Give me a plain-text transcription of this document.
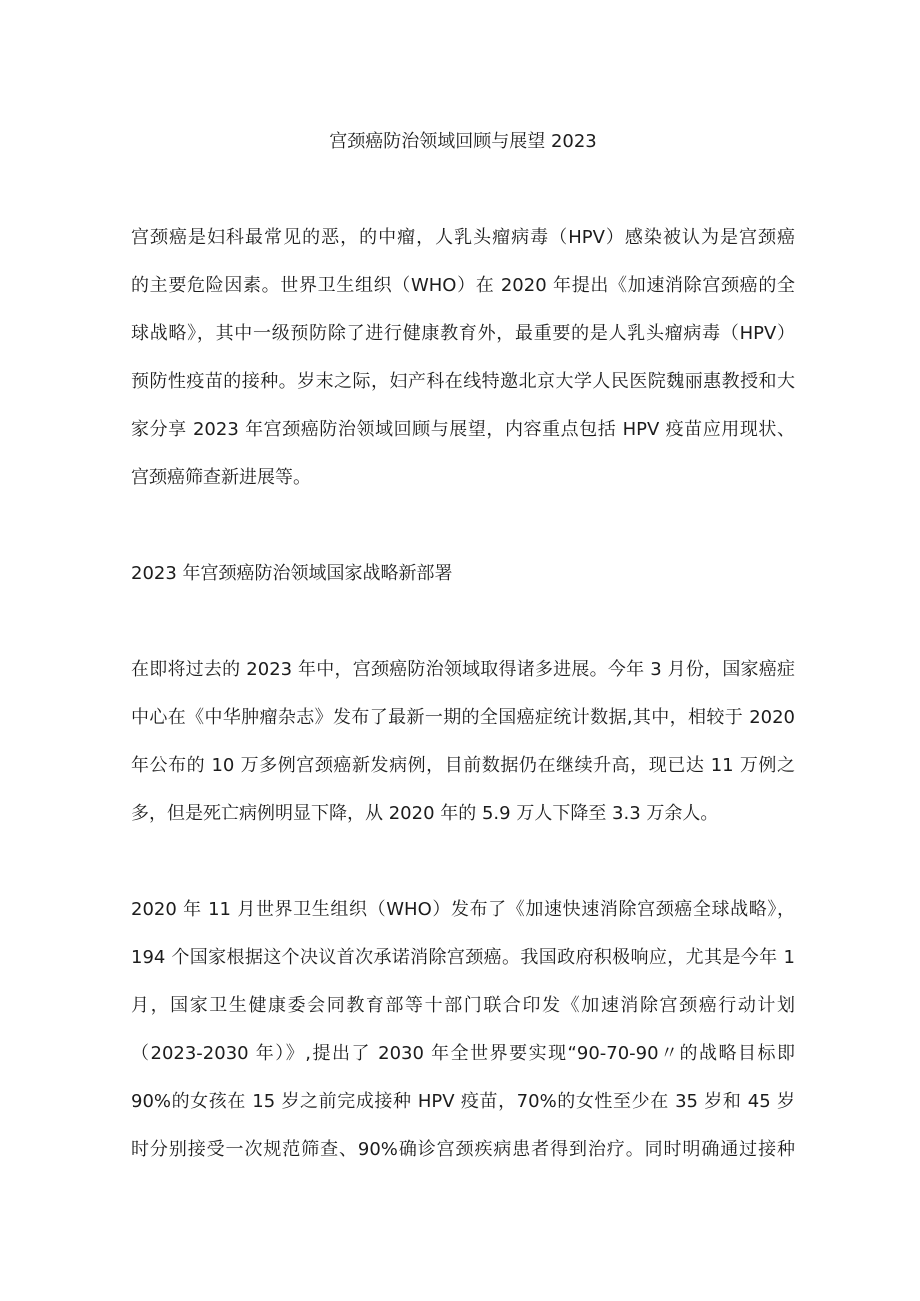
宫颈癌防治领域回顾与展望 2023
宫颈癌是妇科最常见的恶，的中瘤，人乳头瘤病毒（HPV）感染被认为是宫颈癌
的主要危险因素。世界卫生组织（WHO）在 2020 年提出《加速消除宫颈癌的全
球战略》，其中一级预防除了进行健康教育外，最重要的是人乳头瘤病毒（HPV）
预防性疫苗的接种。岁末之际，妇产科在线特邀北京大学人民医院魏丽惠教授和大
家分享 2023 年宫颈癌防治领域回顾与展望，内容重点包括 HPV 疫苗应用现状、
宫颈癌筛查新进展等。
2023 年宫颈癌防治领域国家战略新部署
在即将过去的 2023 年中，宫颈癌防治领域取得诸多进展。今年 3 月份，国家癌症
中心在《中华肿瘤杂志》发布了最新一期的全国癌症统计数据,其中，相较于 2020
年公布的 10 万多例宫颈癌新发病例，目前数据仍在继续升高，现已达 11 万例之
多，但是死亡病例明显下降，从 2020 年的 5.9 万人下降至 3.3 万余人。
2020 年 11 月世界卫生组织（WHO）发布了《加速快速消除宫颈癌全球战略》，
194 个国家根据这个决议首次承诺消除宫颈癌。我国政府积极响应，尤其是今年 1
月，国家卫生健康委会同教育部等十部门联合印发《加速消除宫颈癌行动计划
（2023-2030 年）》,提出了 2030 年全世界要实现“90-70-90〃的战略目标即
90%的女孩在 15 岁之前完成接种 HPV 疫苗，70%的女性至少在 35 岁和 45 岁
时分别接受一次规范筛查、90%确诊宫颈疾病患者得到治疗。同时明确通过接种
